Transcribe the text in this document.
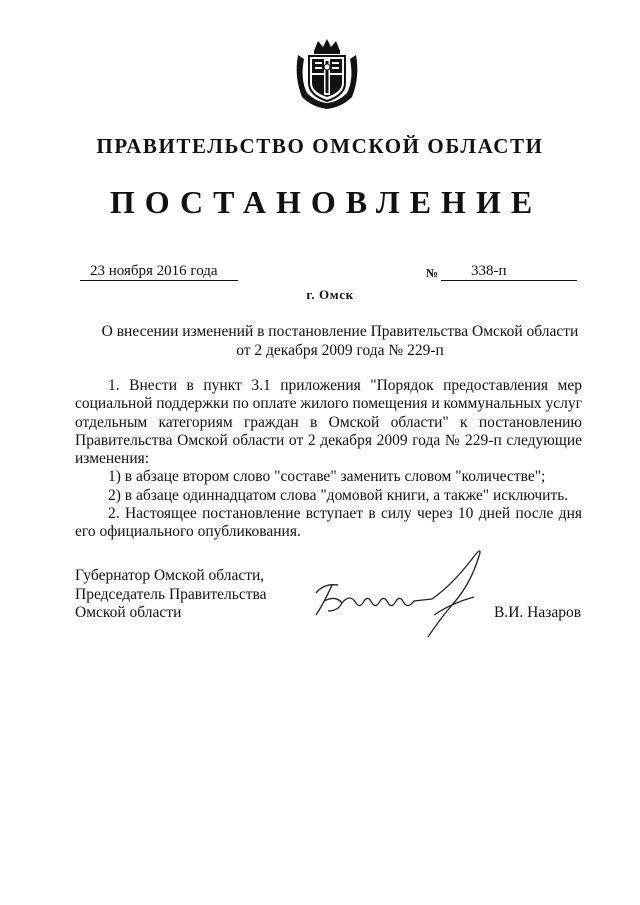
ПРАВИТЕЛЬСТВО ОМСКОЙ ОБЛАСТИ
ПОСТАНОВЛЕНИЕ
23 ноября 2016 года	№	338-п
г. Омск
О внесении изменений в постановление Правительства Омской области
от 2 декабря 2009 года № 229-п

1. Внести в пункт 3.1 приложения "Порядок предоставления мер социальной поддержки по оплате жилого помещения и коммунальных услуг отдельным категориям граждан в Омской области" к постановлению Правительства Омской области от 2 декабря 2009 года № 229-п следующие изменения:

1) в абзаце втором слово "составе" заменить словом "количестве";

2) в абзаце одиннадцатом слова "домовой книги, а также" исключить.

2. Настоящее постановление вступает в силу через 10 дней после дня его официального опубликования.

Губернатор Омской области,
Председатель Правительства
Омской области	В.И. Назаров
